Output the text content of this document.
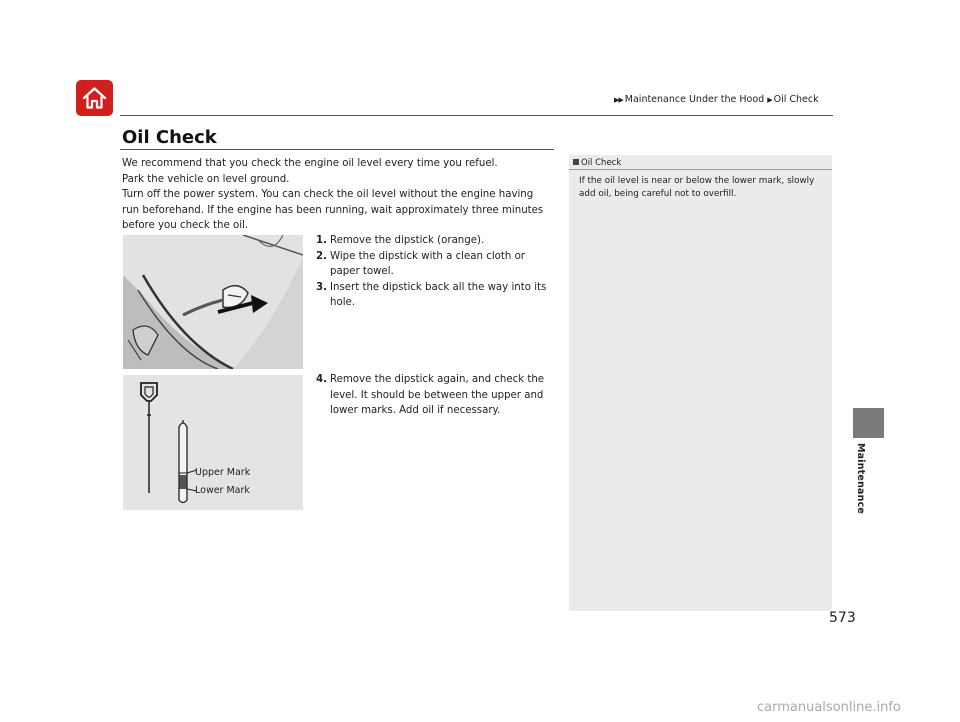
▶▶ Maintenance Under the Hood ▶ Oil Check
Oil Check

We recommend that you check the engine oil level every time you refuel.

Park the vehicle on level ground.

Turn off the power system. You can check the oil level without the engine having run beforehand. If the engine has been running, wait approximately three minutes before you check the oil.

Upper Mark
Lower Mark

1. Remove the dipstick (orange).

2. Wipe the dipstick with a clean cloth or paper towel.

3. Insert the dipstick back all the way into its hole.

4. Remove the dipstick again, and check the level. It should be between the upper and lower marks. Add oil if necessary.

Oil Check
If the oil level is near or below the lower mark, slowly add oil, being careful not to overfill.
Maintenance
573
carmanualsonline.info
